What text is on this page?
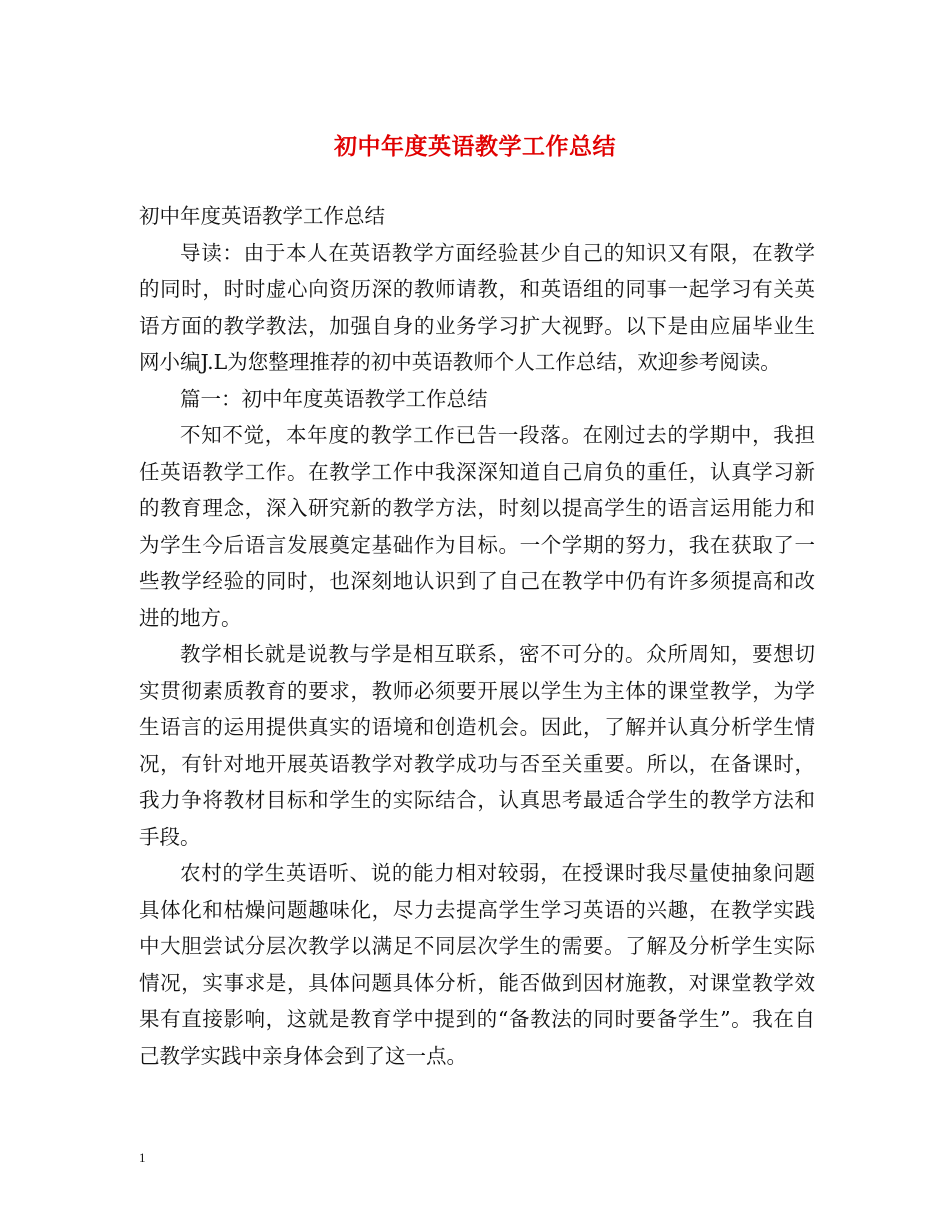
初中年度英语教学工作总结

初中年度英语教学工作总结

导读：由于本人在英语教学方面经验甚少自己的知识又有限，在教学的同时，时时虚心向资历深的教师请教，和英语组的同事一起学习有关英语方面的教学教法，加强自身的业务学习扩大视野。以下是由应届毕业生网小编J.L为您整理推荐的初中英语教师个人工作总结，欢迎参考阅读。

篇一：初中年度英语教学工作总结

不知不觉，本年度的教学工作已告一段落。在刚过去的学期中，我担任英语教学工作。在教学工作中我深深知道自己肩负的重任，认真学习新的教育理念，深入研究新的教学方法，时刻以提高学生的语言运用能力和为学生今后语言发展奠定基础作为目标。一个学期的努力，我在获取了一些教学经验的同时，也深刻地认识到了自己在教学中仍有许多须提高和改进的地方。

教学相长就是说教与学是相互联系，密不可分的。众所周知，要想切实贯彻素质教育的要求，教师必须要开展以学生为主体的课堂教学，为学生语言的运用提供真实的语境和创造机会。因此，了解并认真分析学生情况，有针对地开展英语教学对教学成功与否至关重要。所以，在备课时，我力争将教材目标和学生的实际结合，认真思考最适合学生的教学方法和手段。

农村的学生英语听、说的能力相对较弱，在授课时我尽量使抽象问题具体化和枯燥问题趣味化，尽力去提高学生学习英语的兴趣，在教学实践中大胆尝试分层次教学以满足不同层次学生的需要。了解及分析学生实际情况，实事求是，具体问题具体分析，能否做到因材施教，对课堂教学效果有直接影响，这就是教育学中提到的“备教法的同时要备学生”。我在自己教学实践中亲身体会到了这一点。

1
